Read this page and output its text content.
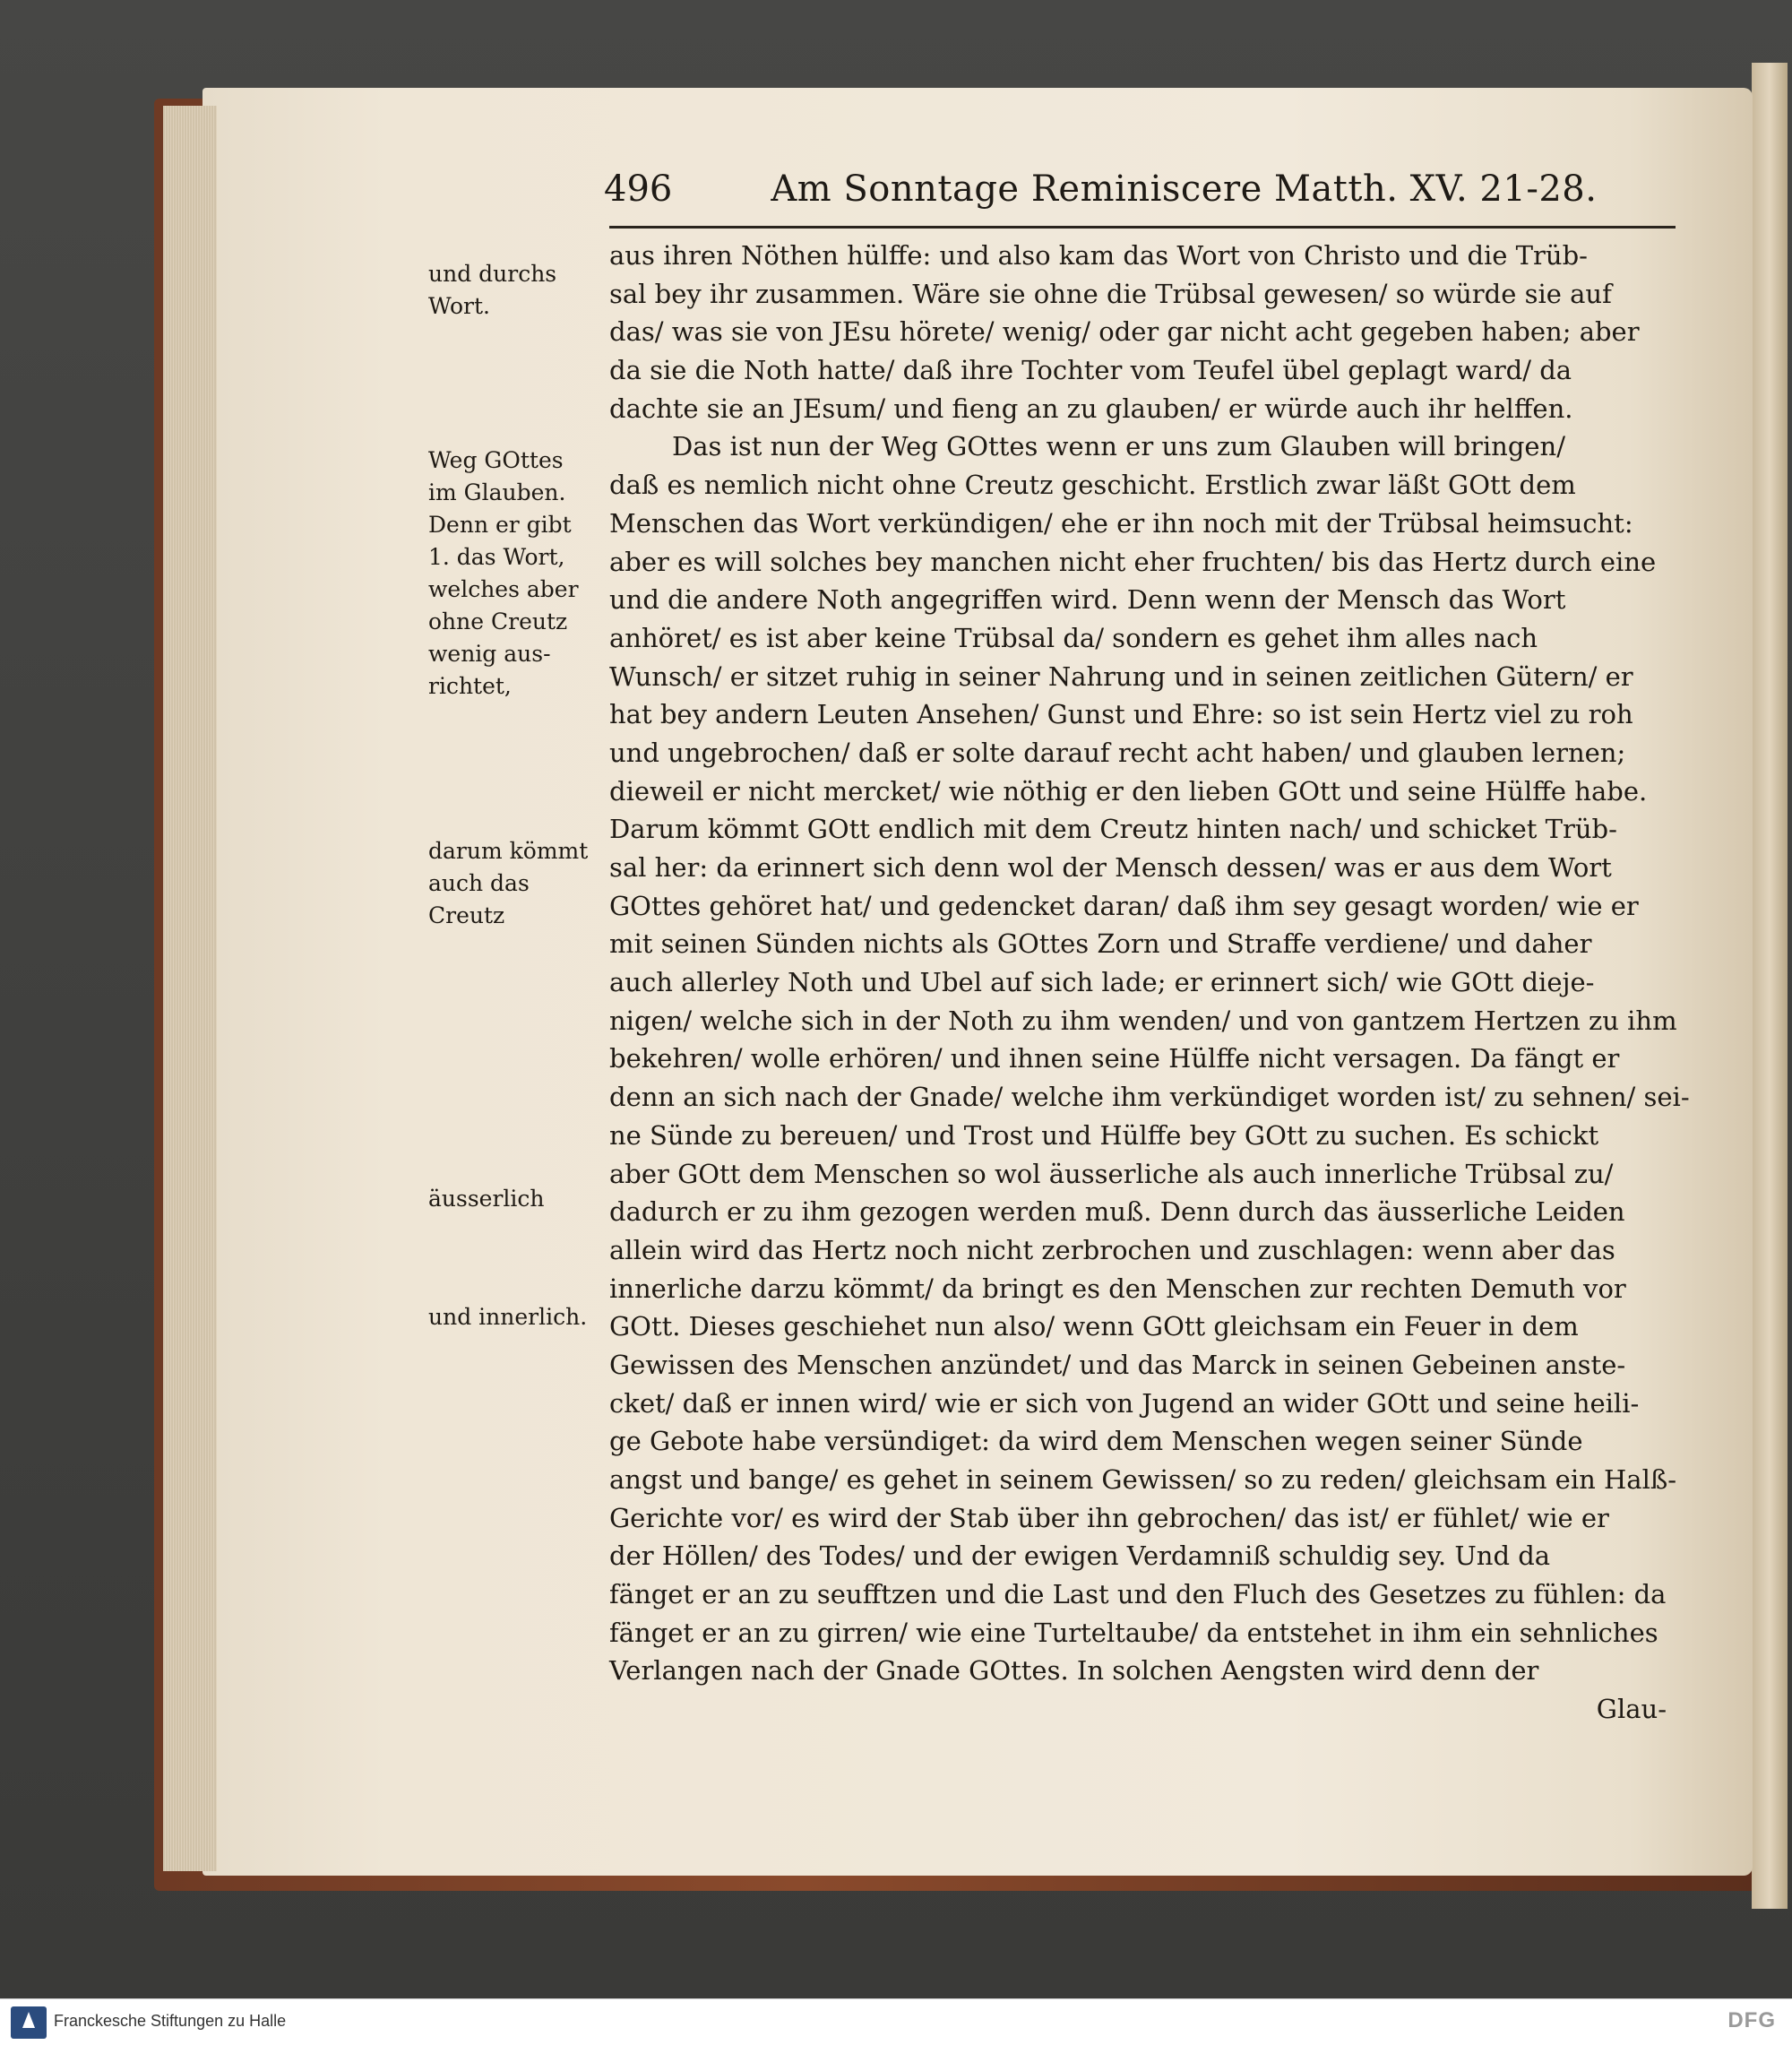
496	Am Sonntage Reminiscere Matth. XV. 21-28.
und durchs
Wort.
Weg GOttes
im Glauben.
Denn er gibt
1. das Wort,
welches aber
ohne Creutz
wenig aus-
richtet,
darum kömmt
auch das
Creutz
äusserlich
und innerlich.
aus ihren Nöthen hülffe: und also kam das Wort von Christo und die Trüb-
sal bey ihr zusammen. Wäre sie ohne die Trübsal gewesen/ so würde sie auf
das/ was sie von JEsu hörete/ wenig/ oder gar nicht acht gegeben haben; aber
da sie die Noth hatte/ daß ihre Tochter vom Teufel übel geplagt ward/ da
dachte sie an JEsum/ und fieng an zu glauben/ er würde auch ihr helffen.
Das ist nun der Weg GOttes wenn er uns zum Glauben will bringen/
daß es nemlich nicht ohne Creutz geschicht. Erstlich zwar läßt GOtt dem
Menschen das Wort verkündigen/ ehe er ihn noch mit der Trübsal heimsucht:
aber es will solches bey manchen nicht eher fruchten/ bis das Hertz durch eine
und die andere Noth angegriffen wird. Denn wenn der Mensch das Wort
anhöret/ es ist aber keine Trübsal da/ sondern es gehet ihm alles nach
Wunsch/ er sitzet ruhig in seiner Nahrung und in seinen zeitlichen Gütern/ er
hat bey andern Leuten Ansehen/ Gunst und Ehre: so ist sein Hertz viel zu roh
und ungebrochen/ daß er solte darauf recht acht haben/ und glauben lernen;
dieweil er nicht mercket/ wie nöthig er den lieben GOtt und seine Hülffe habe.
Darum kömmt GOtt endlich mit dem Creutz hinten nach/ und schicket Trüb-
sal her: da erinnert sich denn wol der Mensch dessen/ was er aus dem Wort
GOttes gehöret hat/ und gedencket daran/ daß ihm sey gesagt worden/ wie er
mit seinen Sünden nichts als GOttes Zorn und Straffe verdiene/ und daher
auch allerley Noth und Ubel auf sich lade; er erinnert sich/ wie GOtt dieje-
nigen/ welche sich in der Noth zu ihm wenden/ und von gantzem Hertzen zu ihm
bekehren/ wolle erhören/ und ihnen seine Hülffe nicht versagen. Da fängt er
denn an sich nach der Gnade/ welche ihm verkündiget worden ist/ zu sehnen/ sei-
ne Sünde zu bereuen/ und Trost und Hülffe bey GOtt zu suchen. Es schickt
aber GOtt dem Menschen so wol äusserliche als auch innerliche Trübsal zu/
dadurch er zu ihm gezogen werden muß. Denn durch das äusserliche Leiden
allein wird das Hertz noch nicht zerbrochen und zuschlagen: wenn aber das
innerliche darzu kömmt/ da bringt es den Menschen zur rechten Demuth vor
GOtt. Dieses geschiehet nun also/ wenn GOtt gleichsam ein Feuer in dem
Gewissen des Menschen anzündet/ und das Marck in seinen Gebeinen anste-
cket/ daß er innen wird/ wie er sich von Jugend an wider GOtt und seine heili-
ge Gebote habe versündiget: da wird dem Menschen wegen seiner Sünde
angst und bange/ es gehet in seinem Gewissen/ so zu reden/ gleichsam ein Halß-
Gerichte vor/ es wird der Stab über ihn gebrochen/ das ist/ er fühlet/ wie er
der Höllen/ des Todes/ und der ewigen Verdamniß schuldig sey. Und da
fänget er an zu seufftzen und die Last und den Fluch des Gesetzes zu fühlen: da
fänget er an zu girren/ wie eine Turteltaube/ da entstehet in ihm ein sehnliches
Verlangen nach der Gnade GOttes. In solchen Aengsten wird denn der
Glau-
Franckesche Stiftungen zu Halle	DFG
